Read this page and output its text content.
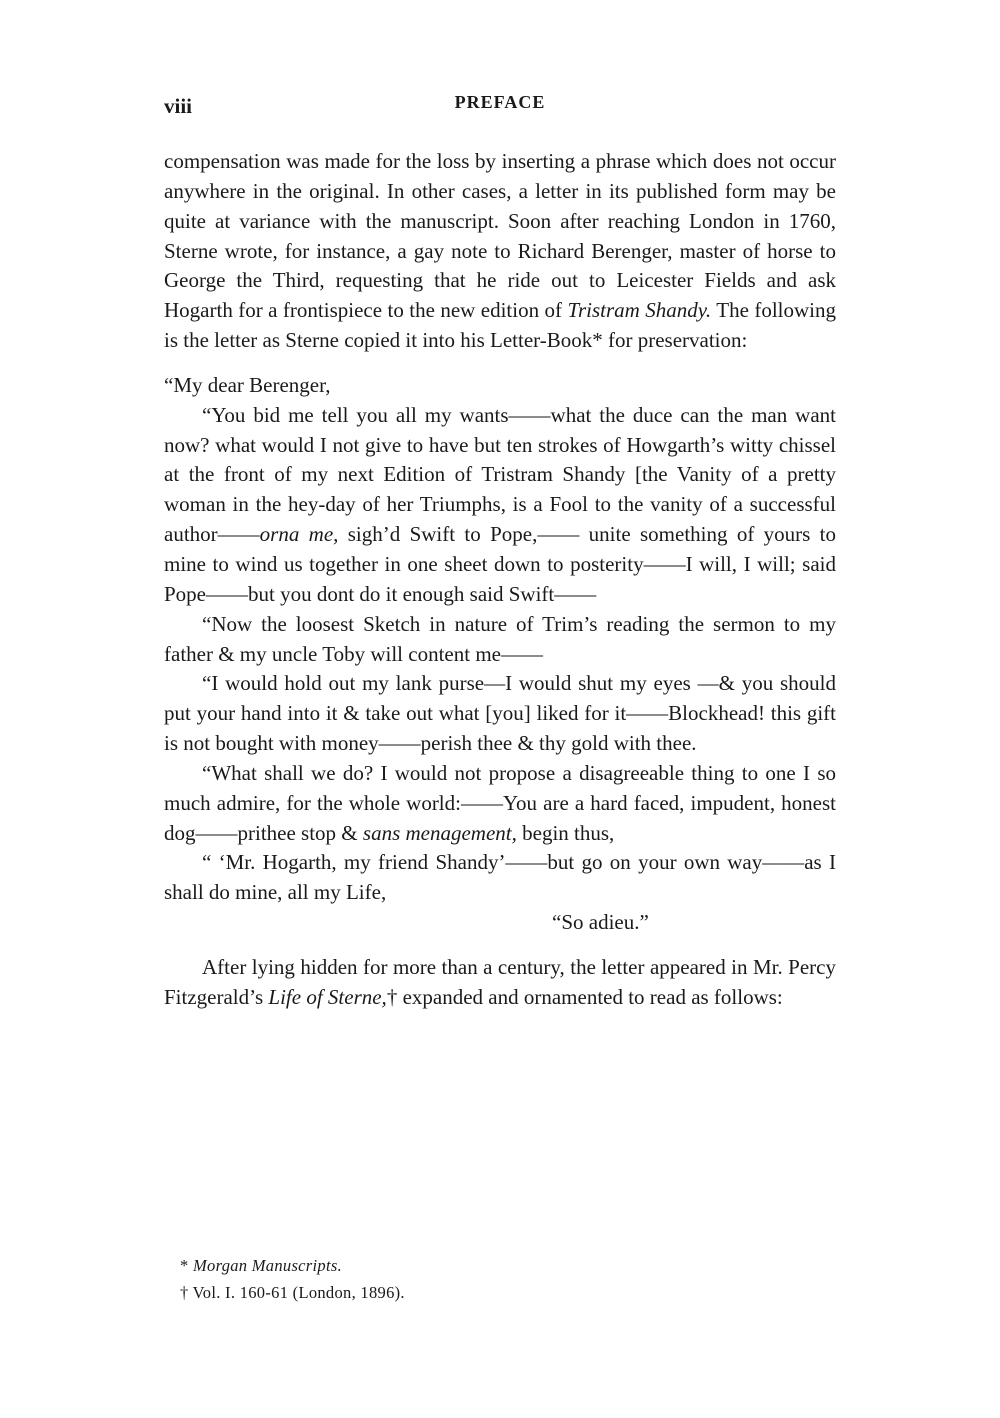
viii	PREFACE

compensation was made for the loss by inserting a phrase which does not occur anywhere in the original. In other cases, a letter in its published form may be quite at variance with the manuscript. Soon after reaching London in 1760, Sterne wrote, for instance, a gay note to Richard Berenger, master of horse to George the Third, requesting that he ride out to Leicester Fields and ask Hogarth for a frontispiece to the new edition of Tristram Shandy. The following is the letter as Sterne copied it into his Letter-Book* for preservation:

“My dear Berenger,

“You bid me tell you all my wants——what the duce can the man want now? what would I not give to have but ten strokes of Howgarth’s witty chissel at the front of my next Edition of Tristram Shandy [the Vanity of a pretty woman in the hey-day of her Triumphs, is a Fool to the vanity of a successful author——orna me, sigh’d Swift to Pope,—— unite something of yours to mine to wind us together in one sheet down to posterity——I will, I will; said Pope——but you dont do it enough said Swift——

“Now the loosest Sketch in nature of Trim’s reading the sermon to my father & my uncle Toby will content me——

“I would hold out my lank purse—I would shut my eyes —& you should put your hand into it & take out what [you] liked for it——Blockhead! this gift is not bought with money——perish thee & thy gold with thee.

“What shall we do? I would not propose a disagreeable thing to one I so much admire, for the whole world:——You are a hard faced, impudent, honest dog——prithee stop & sans menagement, begin thus,

“ ‘Mr. Hogarth, my friend Shandy’——but go on your own way——as I shall do mine, all my Life,

“So adieu.”

After lying hidden for more than a century, the letter appeared in Mr. Percy Fitzgerald’s Life of Sterne,† expanded and ornamented to read as follows:

* Morgan Manuscripts.

† Vol. I. 160-61 (London, 1896).
